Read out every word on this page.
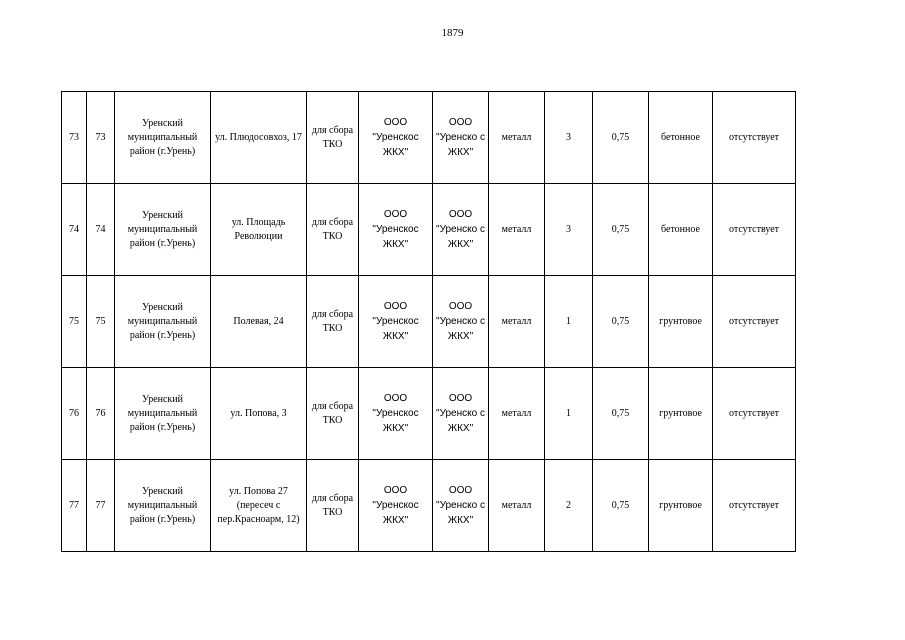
1879
73	73	Уренский муниципальный район (г.Урень)	ул. Плюдосовхоз, 17	для сбора ТКО	ООО "Уренскос ЖКХ"	ООО "Уренско с ЖКХ"	металл	3	0,75	бетонное	отсутствует
74	74	Уренский муниципальный район (г.Урень)	ул. Площадь Революции	для сбора ТКО	ООО "Уренскос ЖКХ"	ООО "Уренско с ЖКХ"	металл	3	0,75	бетонное	отсутствует
75	75	Уренский муниципальный район (г.Урень)	Полевая, 24	для сбора ТКО	ООО "Уренскос ЖКХ"	ООО "Уренско с ЖКХ"	металл	1	0,75	грунтовое	отсутствует
76	76	Уренский муниципальный район (г.Урень)	ул. Попова, 3	для сбора ТКО	ООО "Уренскос ЖКХ"	ООО "Уренско с ЖКХ"	металл	1	0,75	грунтовое	отсутствует
77	77	Уренский муниципальный район (г.Урень)	ул. Попова 27 (пересеч с пер.Красноарм, 12)	для сбора ТКО	ООО "Уренскос ЖКХ"	ООО "Уренско с ЖКХ"	металл	2	0,75	грунтовое	отсутствует
